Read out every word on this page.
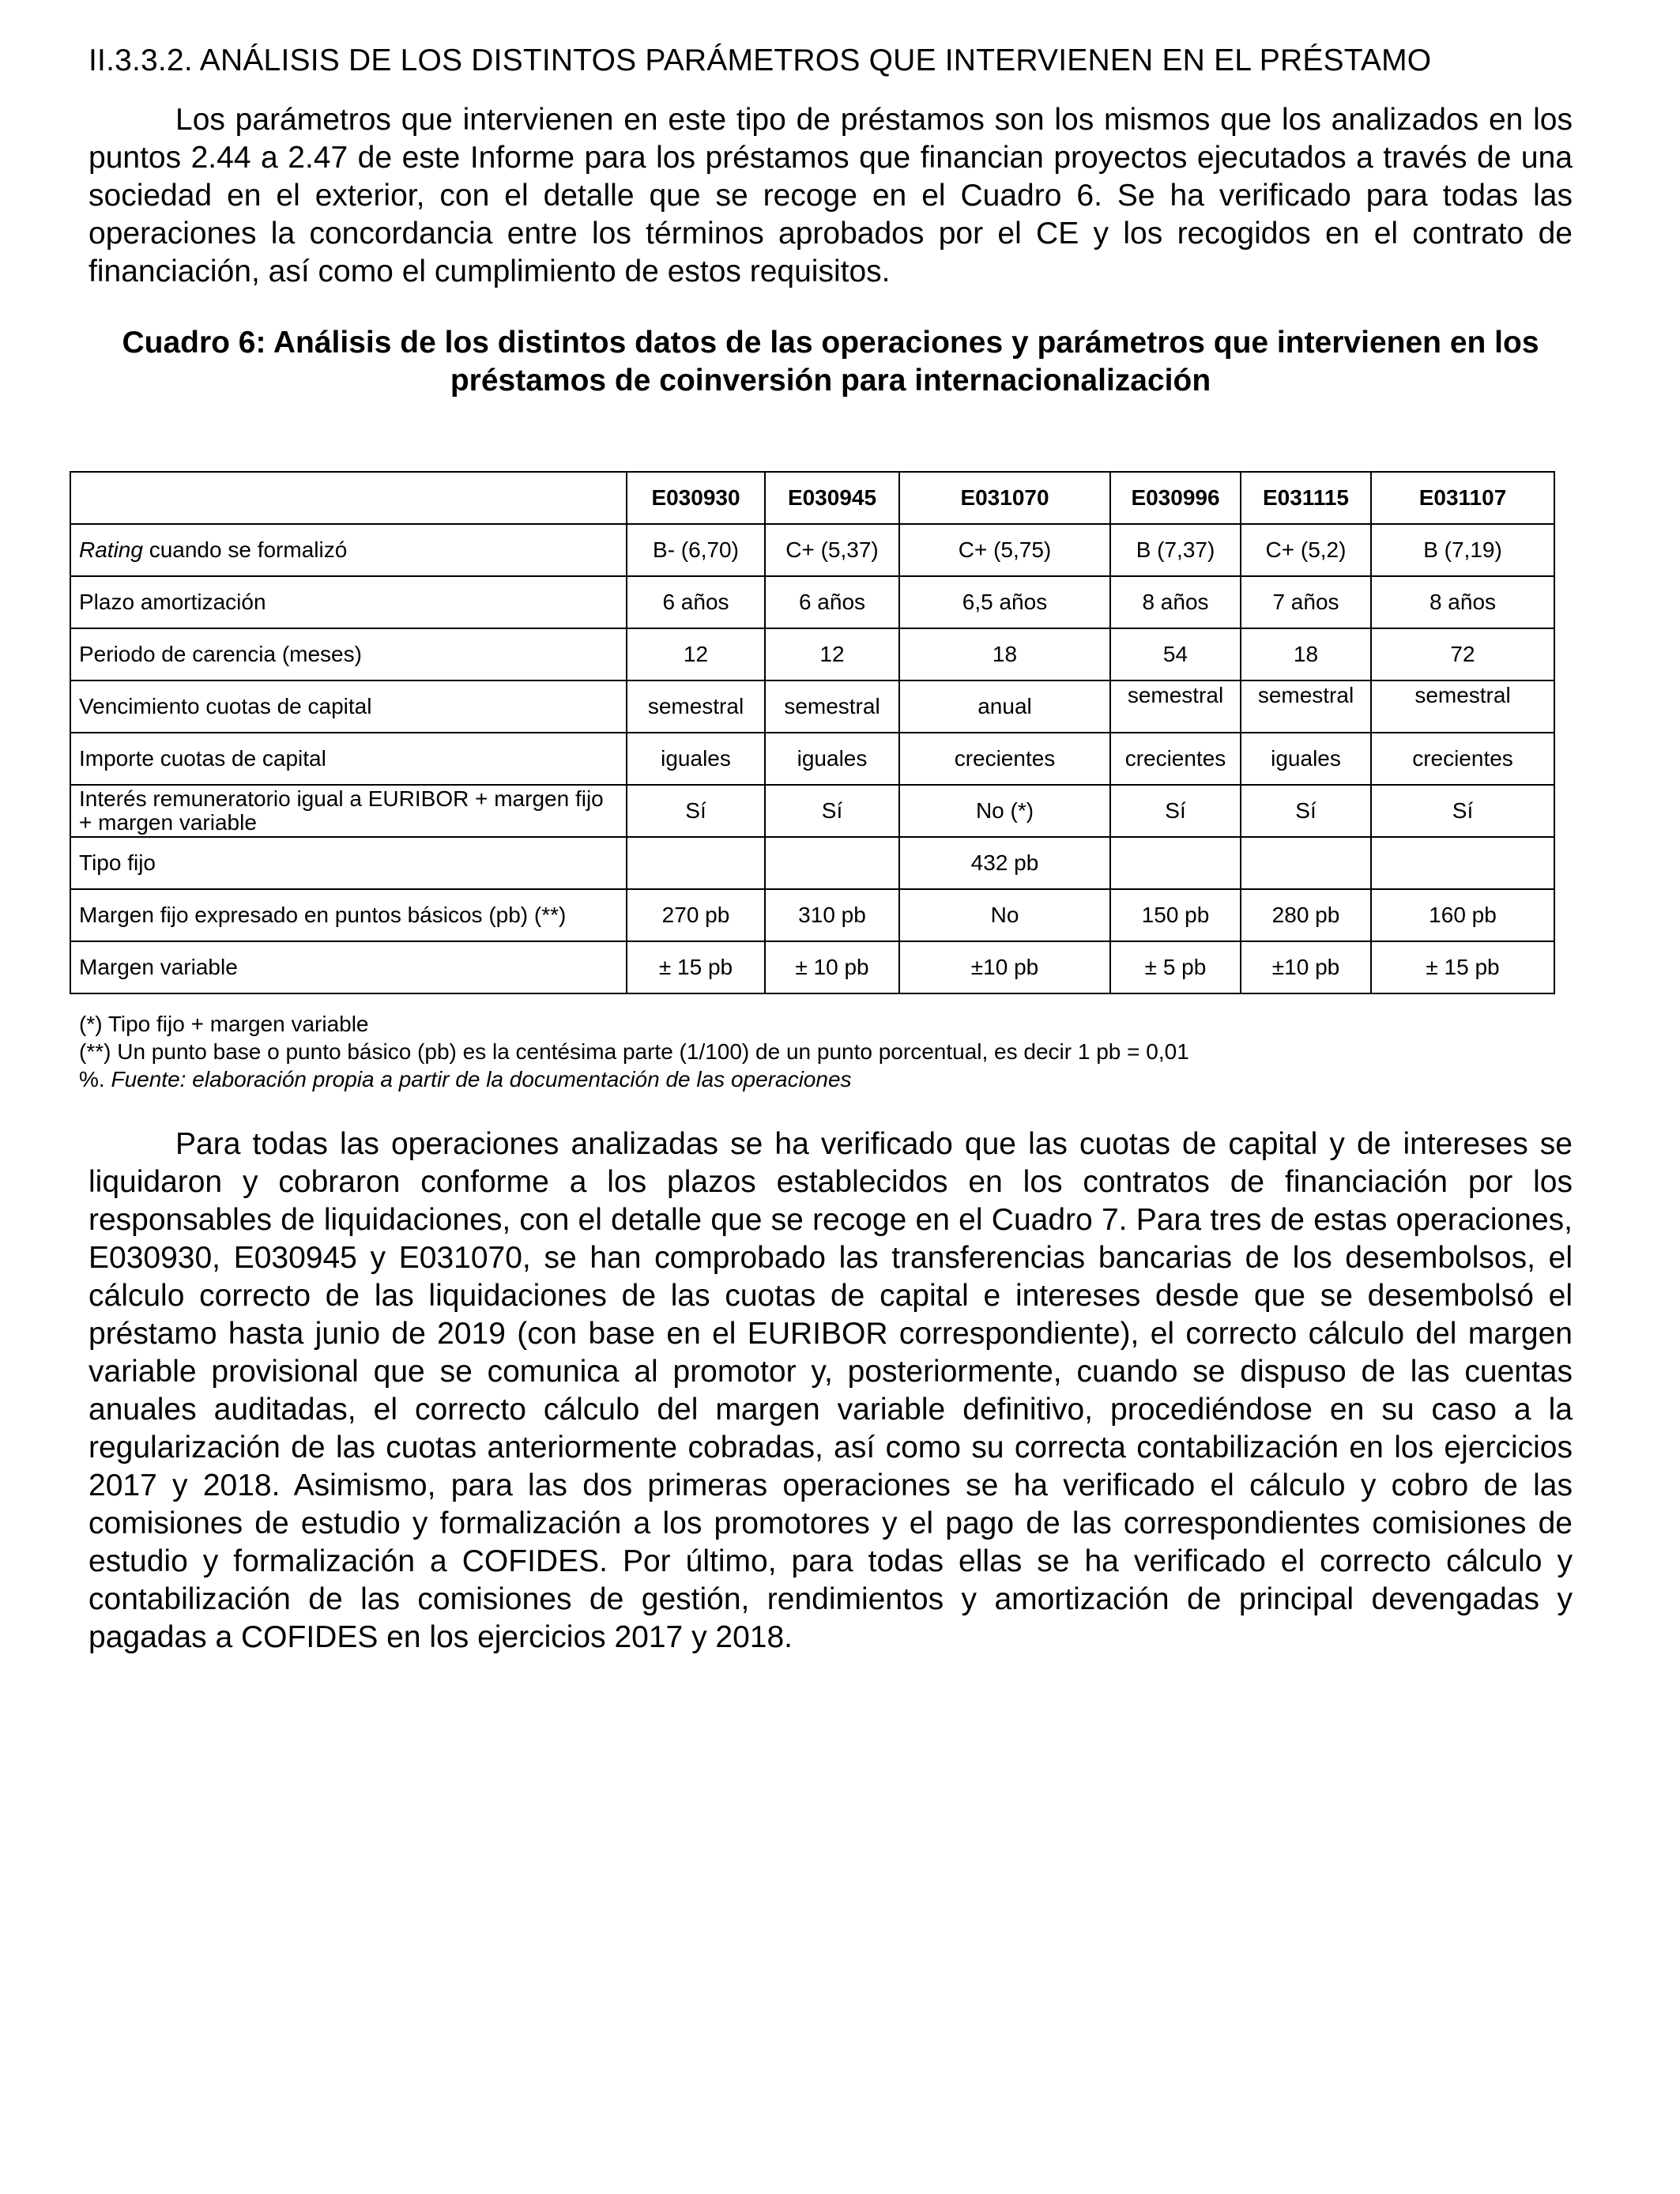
II.3.3.2. ANÁLISIS DE LOS DISTINTOS PARÁMETROS QUE INTERVIENEN EN EL PRÉSTAMO

Los parámetros que intervienen en este tipo de préstamos son los mismos que los analizados en los puntos 2.44 a 2.47 de este Informe para los préstamos que financian proyectos ejecutados a través de una sociedad en el exterior, con el detalle que se recoge en el Cuadro 6. Se ha verificado para todas las operaciones la concordancia entre los términos aprobados por el CE y los recogidos en el contrato de financiación, así como el cumplimiento de estos requisitos.

Cuadro 6: Análisis de los distintos datos de las operaciones y parámetros que intervienen en los préstamos de coinversión para internacionalización

	E030930	E030945	E031070	E030996	E031115	E031107
Rating cuando se formalizó	B- (6,70)	C+ (5,37)	C+ (5,75)	B (7,37)	C+ (5,2)	B (7,19)
Plazo amortización	6 años	6 años	6,5 años	8 años	7 años	8 años
Periodo de carencia (meses)	12	12	18	54	18	72
Vencimiento cuotas de capital	semestral	semestral	anual	semestral	semestral	semestral
Importe cuotas de capital	iguales	iguales	crecientes	crecientes	iguales	crecientes
Interés remuneratorio igual a EURIBOR + margen fijo + margen variable	Sí	Sí	No (*)	Sí	Sí	Sí
Tipo fijo			432 pb			
Margen fijo expresado en puntos básicos (pb) (**)	270 pb	310 pb	No	150 pb	280 pb	160 pb
Margen variable	± 15 pb	± 10 pb	±10 pb	± 5 pb	±10 pb	± 15 pb

(*) Tipo fijo + margen variable

(**) Un punto base o punto básico (pb) es la centésima parte (1/100) de un punto porcentual, es decir 1 pb = 0,01

%. Fuente: elaboración propia a partir de la documentación de las operaciones

Para todas las operaciones analizadas se ha verificado que las cuotas de capital y de intereses se liquidaron y cobraron conforme a los plazos establecidos en los contratos de financiación por los responsables de liquidaciones, con el detalle que se recoge en el Cuadro 7. Para tres de estas operaciones, E030930, E030945 y E031070, se han comprobado las transferencias bancarias de los desembolsos, el cálculo correcto de las liquidaciones de las cuotas de capital e intereses desde que se desembolsó el préstamo hasta junio de 2019 (con base en el EURIBOR correspondiente), el correcto cálculo del margen variable provisional que se comunica al promotor y, posteriormente, cuando se dispuso de las cuentas anuales auditadas, el correcto cálculo del margen variable definitivo, procediéndose en su caso a la regularización de las cuotas anteriormente cobradas, así como su correcta contabilización en los ejercicios 2017 y 2018. Asimismo, para las dos primeras operaciones se ha verificado el cálculo y cobro de las comisiones de estudio y formalización a los promotores y el pago de las correspondientes comisiones de estudio y formalización a COFIDES. Por último, para todas ellas se ha verificado el correcto cálculo y contabilización de las comisiones de gestión, rendimientos y amortización de principal devengadas y pagadas a COFIDES en los ejercicios 2017 y 2018.
